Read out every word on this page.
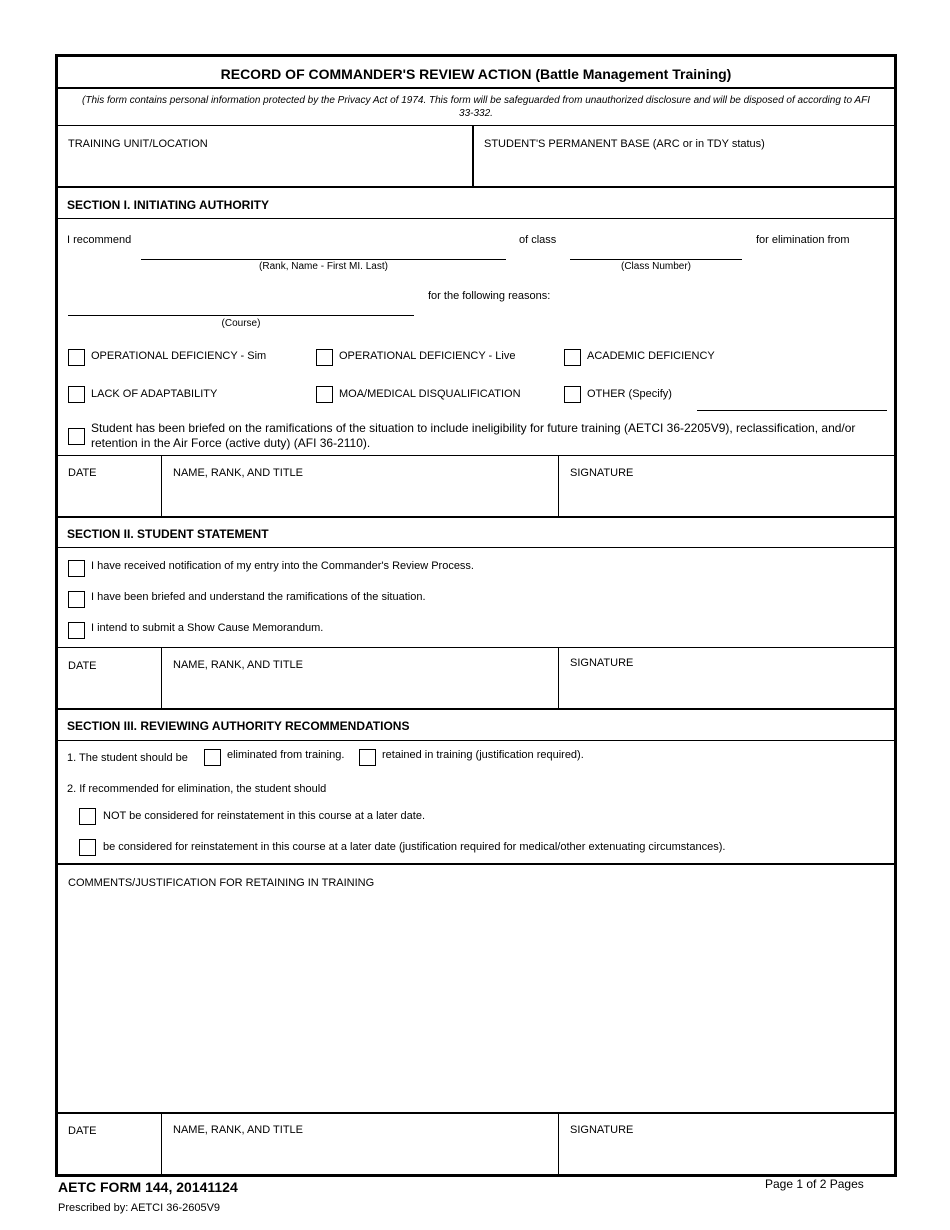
RECORD OF COMMANDER'S REVIEW ACTION (Battle Management Training)
(This form contains personal information protected by the Privacy Act of 1974. This form will be safeguarded from unauthorized disclosure and will be disposed of according to AFI 33-332.
TRAINING UNIT/LOCATION	STUDENT'S PERMANENT BASE (ARC or in TDY status)
SECTION I. INITIATING AUTHORITY
I recommend
(Rank, Name - First MI. Last)
of class
(Class Number)
for elimination from
(Course)
for the following reasons:
OPERATIONAL DEFICIENCY - Sim	OPERATIONAL DEFICIENCY - Live	ACADEMIC DEFICIENCY
LACK OF ADAPTABILITY	MOA/MEDICAL DISQUALIFICATION	OTHER (Specify)
Student has been briefed on the ramifications of the situation to include ineligibility for future training (AETCI 36-2205V9), reclassification, and/or retention in the Air Force (active duty) (AFI 36-2110).
DATE	NAME, RANK, AND TITLE	SIGNATURE
SECTION II. STUDENT STATEMENT
I have received notification of my entry into the Commander's Review Process.
I have been briefed and understand the ramifications of the situation.
I intend to submit a Show Cause Memorandum.
DATE	NAME, RANK, AND TITLE	SIGNATURE
SECTION III. REVIEWING AUTHORITY RECOMMENDATIONS
1. The student should be	eliminated from training.	retained in training (justification required).
2. If recommended for elimination, the student should
NOT be considered for reinstatement in this course at a later date.
be considered for reinstatement in this course at a later date (justification required for medical/other extenuating circumstances).
COMMENTS/JUSTIFICATION FOR RETAINING IN TRAINING
DATE	NAME, RANK, AND TITLE	SIGNATURE
AETC FORM 144, 20141124	Page 1 of 2 Pages
Prescribed by: AETCI 36-2605V9
